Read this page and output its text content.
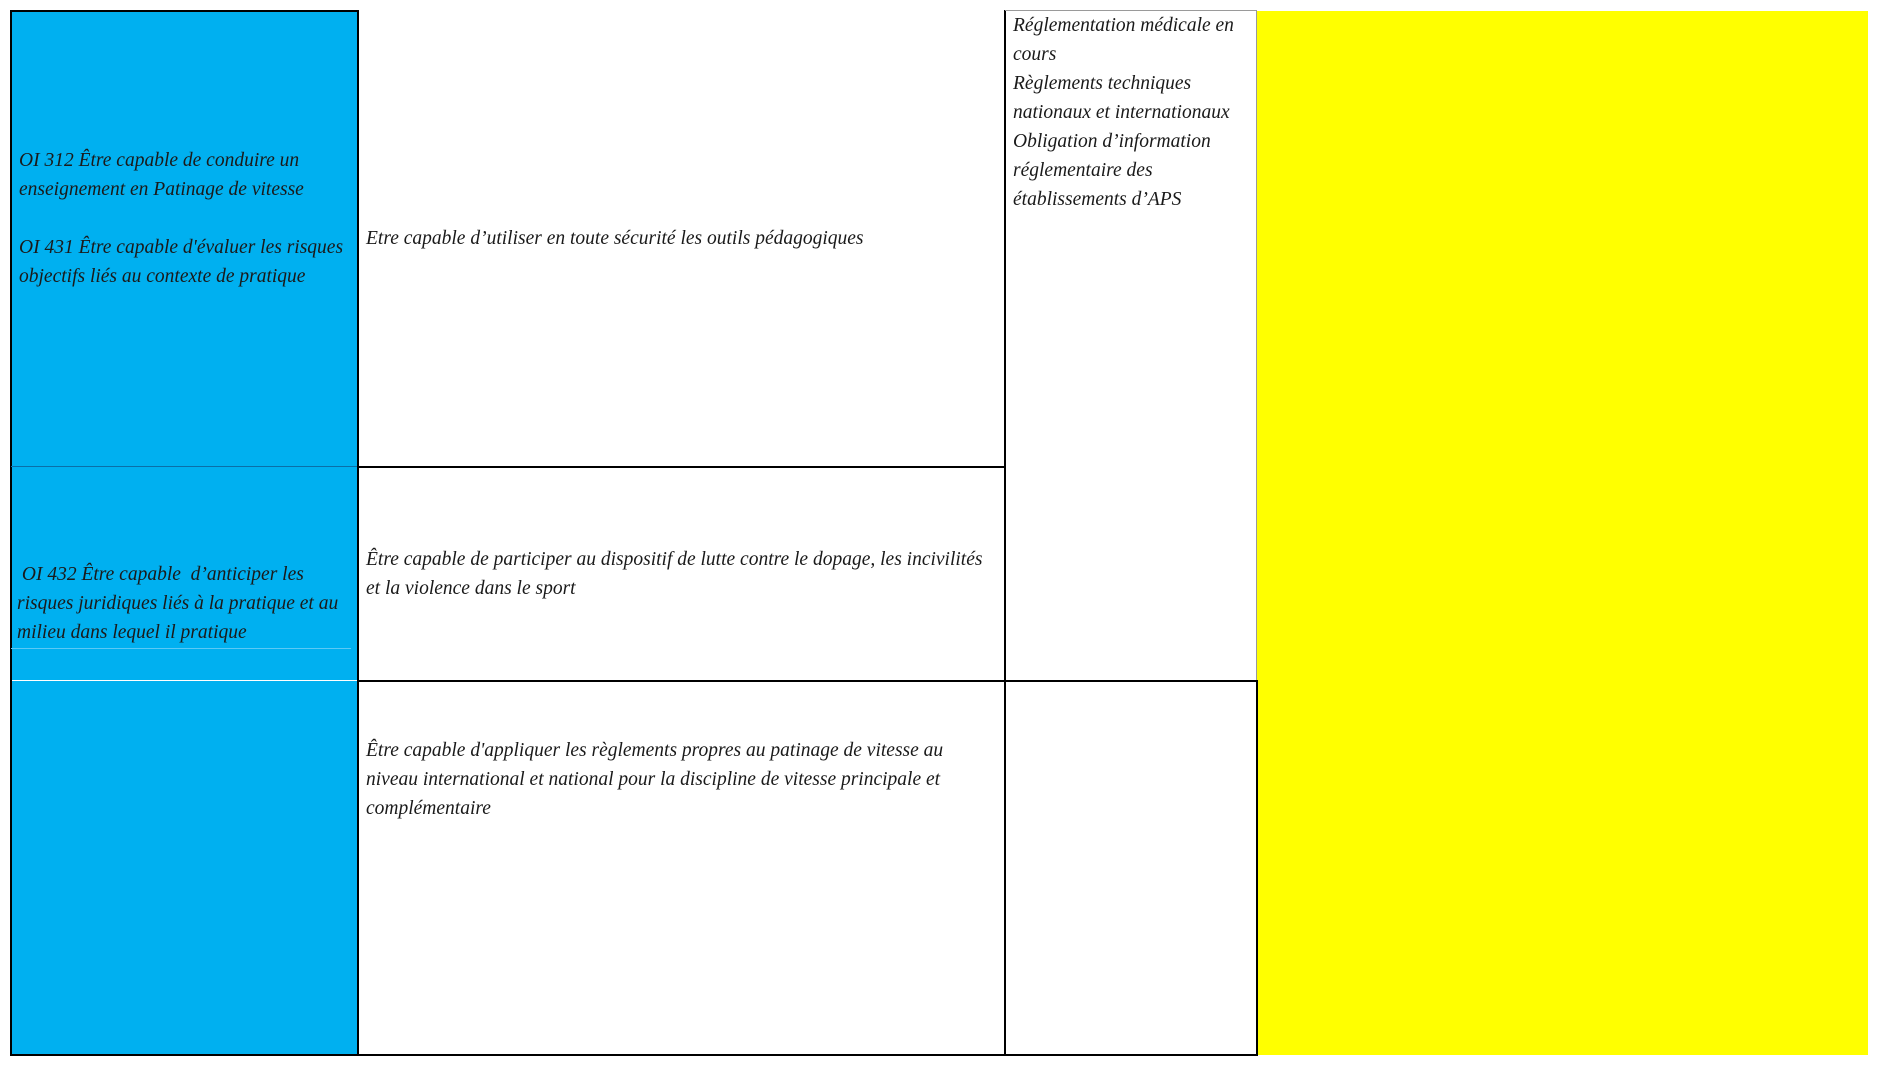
OI 312 Être capable de conduire un enseignement en Patinage de vitesse

OI 431 Être capable d'évaluer les risques objectifs liés au contexte de pratique

OI 432 Être capable  d’anticiper les risques juridiques liés à la pratique et au milieu dans lequel il pratique

Etre capable d’utiliser en toute sécurité les outils pédagogiques

Être capable de participer au dispositif de lutte contre le dopage, les incivilités et la violence dans le sport

Être capable d'appliquer les règlements propres au patinage de vitesse au niveau international et national pour la discipline de vitesse principale et complémentaire

Réglementation médicale en cours

Règlements techniques nationaux et internationaux

Obligation d’information réglementaire des établissements d’APS
